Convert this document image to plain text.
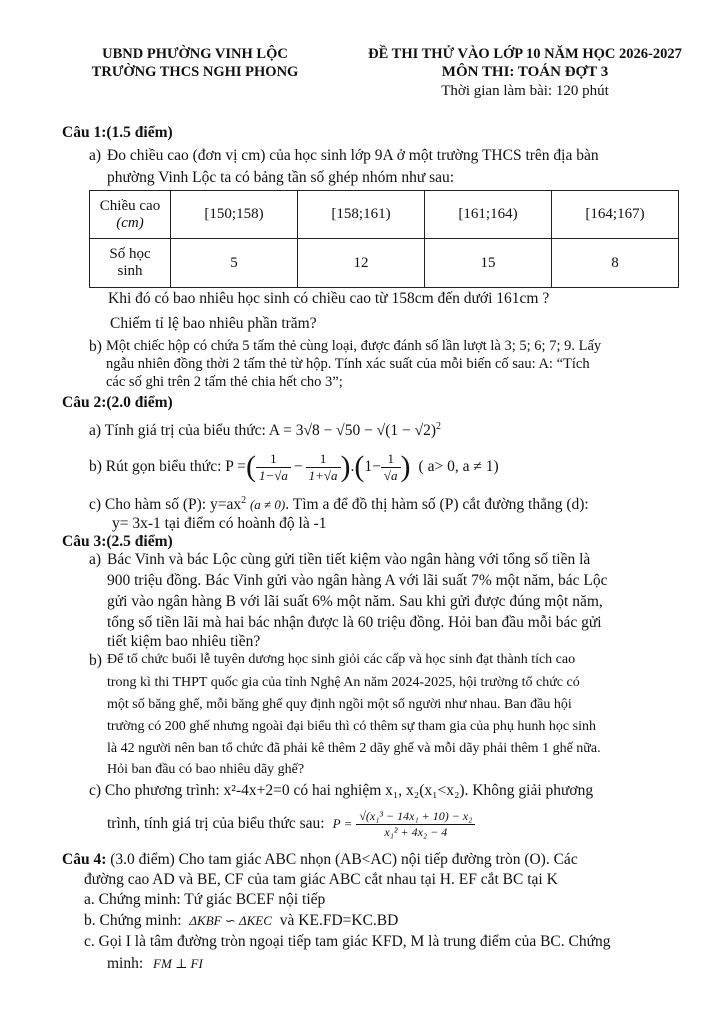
UBND PHƯỜNG VINH LỘC
TRƯỜNG THCS NGHI PHONG
ĐỀ THI THỬ VÀO LỚP 10 NĂM HỌC 2026-2027
MÔN THI: TOÁN ĐỢT 3
Thời gian làm bài: 120 phút
Câu 1:(1.5 điểm)
a) Đo chiều cao (đơn vị cm) của học sinh lớp 9A ở một trường THCS trên địa bàn
phường Vinh Lộc ta có bảng tần số ghép nhóm như sau:
Chiều cao
(cm)	[150;158)	[158;161)	[161;164)	[164;167)

Số học
sinh	5	12	15	8
Khi đó có bao nhiêu học sinh có chiều cao từ 158cm đến dưới 161cm ?
Chiếm tỉ lệ bao nhiêu phần trăm?
b) Một chiếc hộp có chứa 5 tấm thẻ cùng loại, được đánh số lần lượt là 3; 5; 6; 7; 9. Lấy
ngẫu nhiên đồng thời 2 tấm thẻ từ hộp. Tính xác suất của mỗi biến cố sau: A: “Tích
các số ghi trên 2 tấm thẻ chia hết cho 3”;
Câu 2:(2.0 điểm)
a) Tính giá trị của biểu thức: $A = 3√8 - √50 - √(1 - √2)^2$
b) Rút gọn biểu thức: P = ( $\frac{1}{1-√a} - \frac{1}{1+√a}$ ) . ( $1- \frac{1}{√a}$ ) ( a> 0, a ≠ 1)
c) Cho hàm số (P): $y=ax^2$ (a ≠ 0). Tìm a để đồ thị hàm số (P) cắt đường thẳng (d):
y= 3x-1 tại điểm có hoành độ là -1
Câu 3:(2.5 điểm)
a) Bác Vinh và bác Lộc cùng gửi tiền tiết kiệm vào ngân hàng với tổng số tiền là
900 triệu đồng. Bác Vinh gửi vào ngân hàng A với lãi suất 7% một năm, bác Lộc
gửi vào ngân hàng B với lãi suất 6% một năm. Sau khi gửi được đúng một năm,
tổng số tiền lãi mà hai bác nhận được là 60 triệu đồng. Hỏi ban đầu mỗi bác gửi
tiết kiệm bao nhiêu tiền?
b) Để tổ chức buổi lễ tuyên dương học sinh giỏi các cấp và học sinh đạt thành tích cao
trong kì thi THPT quốc gia của tỉnh Nghệ An năm 2024-2025, hội trường tổ chức có
một số băng ghế, mỗi băng ghế quy định ngồi một số người như nhau. Ban đầu hội
trường có 200 ghế nhưng ngoài đại biểu thì có thêm sự tham gia của phụ hunh học sinh
là 42 người nên ban tổ chức đã phải kê thêm 2 dãy ghế và mỗi dãy phải thêm 1 ghế nữa.
Hỏi ban đầu có bao nhiêu dãy ghế?
c) Cho phương trình: x²-4x+2=0 có hai nghiệm x₁, x₂(x₁<x₂). Không giải phương
trình, tính giá trị của biểu thức sau: $P = \frac{\text{√(x₁³ − 14x₁ + 10) − x₂}}{\text{x₁² + 4x₂ − 4}}$
Câu 4: (3.0 điểm) Cho tam giác ABC nhọn (AB<AC) nội tiếp đường tròn (O). Các
đường cao AD và BE, CF của tam giác ABC cắt nhau tại H. EF cắt BC tại K
a. Chứng minh: Tứ giác BCEF nội tiếp
b. Chứng minh: ΔKBF ∽ ΔKEC và KE.FD=KC.BD
c. Gọi I là tâm đường tròn ngoại tiếp tam giác KFD, M là trung điểm của BC. Chứng
minh: FM ⊥ FI
